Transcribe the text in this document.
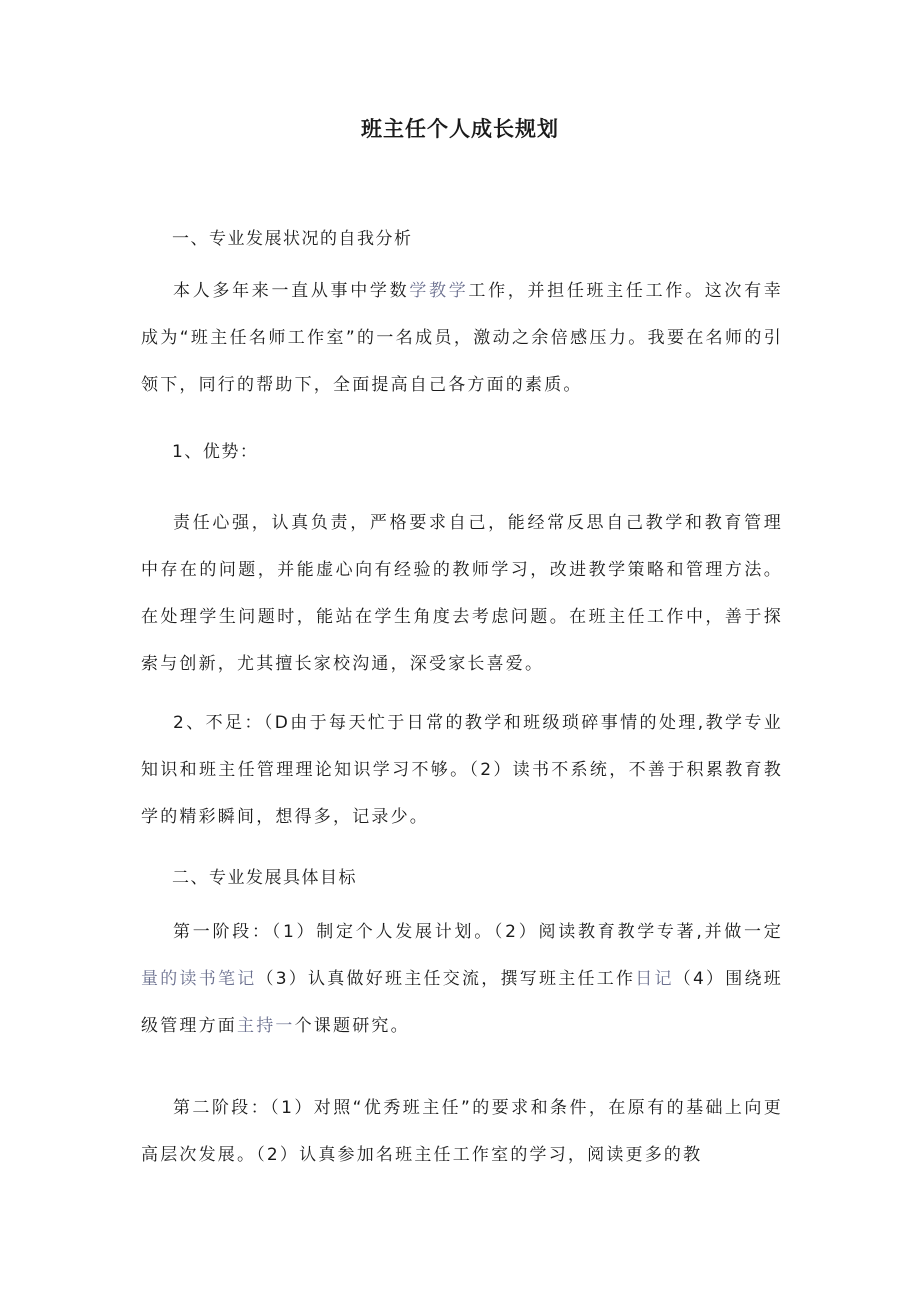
班主任个人成长规划
一、专业发展状况的自我分析
本人多年来一直从事中学数学教学工作，并担任班主任工作。这次有幸成为“班主任名师工作室”的一名成员，激动之余倍感压力。我要在名师的引领下，同行的帮助下，全面提高自己各方面的素质。
1、优势：
责任心强，认真负责，严格要求自己，能经常反思自己教学和教育管理中存在的问题，并能虚心向有经验的教师学习，改进教学策略和管理方法。在处理学生问题时，能站在学生角度去考虑问题。在班主任工作中，善于探索与创新，尤其擅长家校沟通，深受家长喜爱。
2、不足：（D由于每天忙于日常的教学和班级琐碎事情的处理,教学专业知识和班主任管理理论知识学习不够。（2）读书不系统，不善于积累教育教学的精彩瞬间，想得多，记录少。
二、专业发展具体目标
第一阶段：（1）制定个人发展计划。（2）阅读教育教学专著,并做一定量的读书笔记（3）认真做好班主任交流，撰写班主任工作日记（4）围绕班级管理方面主持一个课题研究。
第二阶段：（1）对照“优秀班主任”的要求和条件，在原有的基础上向更高层次发展。（2）认真参加名班主任工作室的学习，阅读更多的教
